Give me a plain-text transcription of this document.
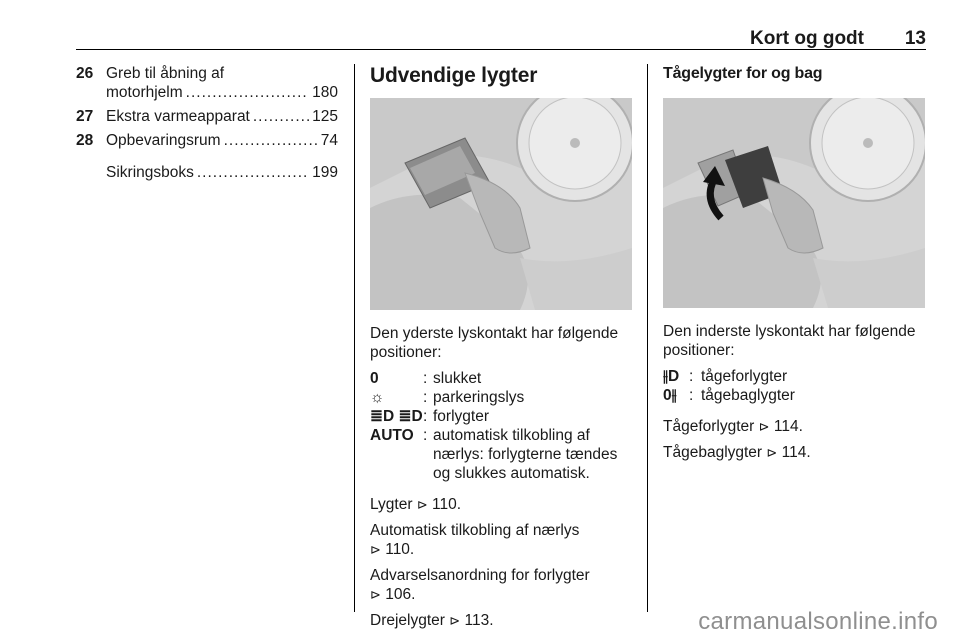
Kort og godt 13
26 Greb til åbning af
motorhjelm .....	180
27 Ekstra varmeapparat .....	125
28 Opbevaringsrum .....	74
Sikringsboks .....	199
Udvendige lygter

Den yderste lyskontakt har følgende positioner:

0	: slukket
☼	: parkeringslys
≣D ≣D : forlygter
AUTO : automatisk tilkobling af
nærlys: forlygterne tændes
og slukkes automatisk.

Lygter ⊳ 110.

Automatisk tilkobling af nærlys
⊳ 110.

Advarselsanordning for forlygter
⊳ 106.

Drejelygter ⊳ 113.

Tågelygter for og bag

Den inderste lyskontakt har følgende positioner:

⫲D : tågeforlygter
0⫲ : tågebaglygter

Tågeforlygter ⊳ 114.

Tågebaglygter ⊳ 114.

carmanualsonline.info
